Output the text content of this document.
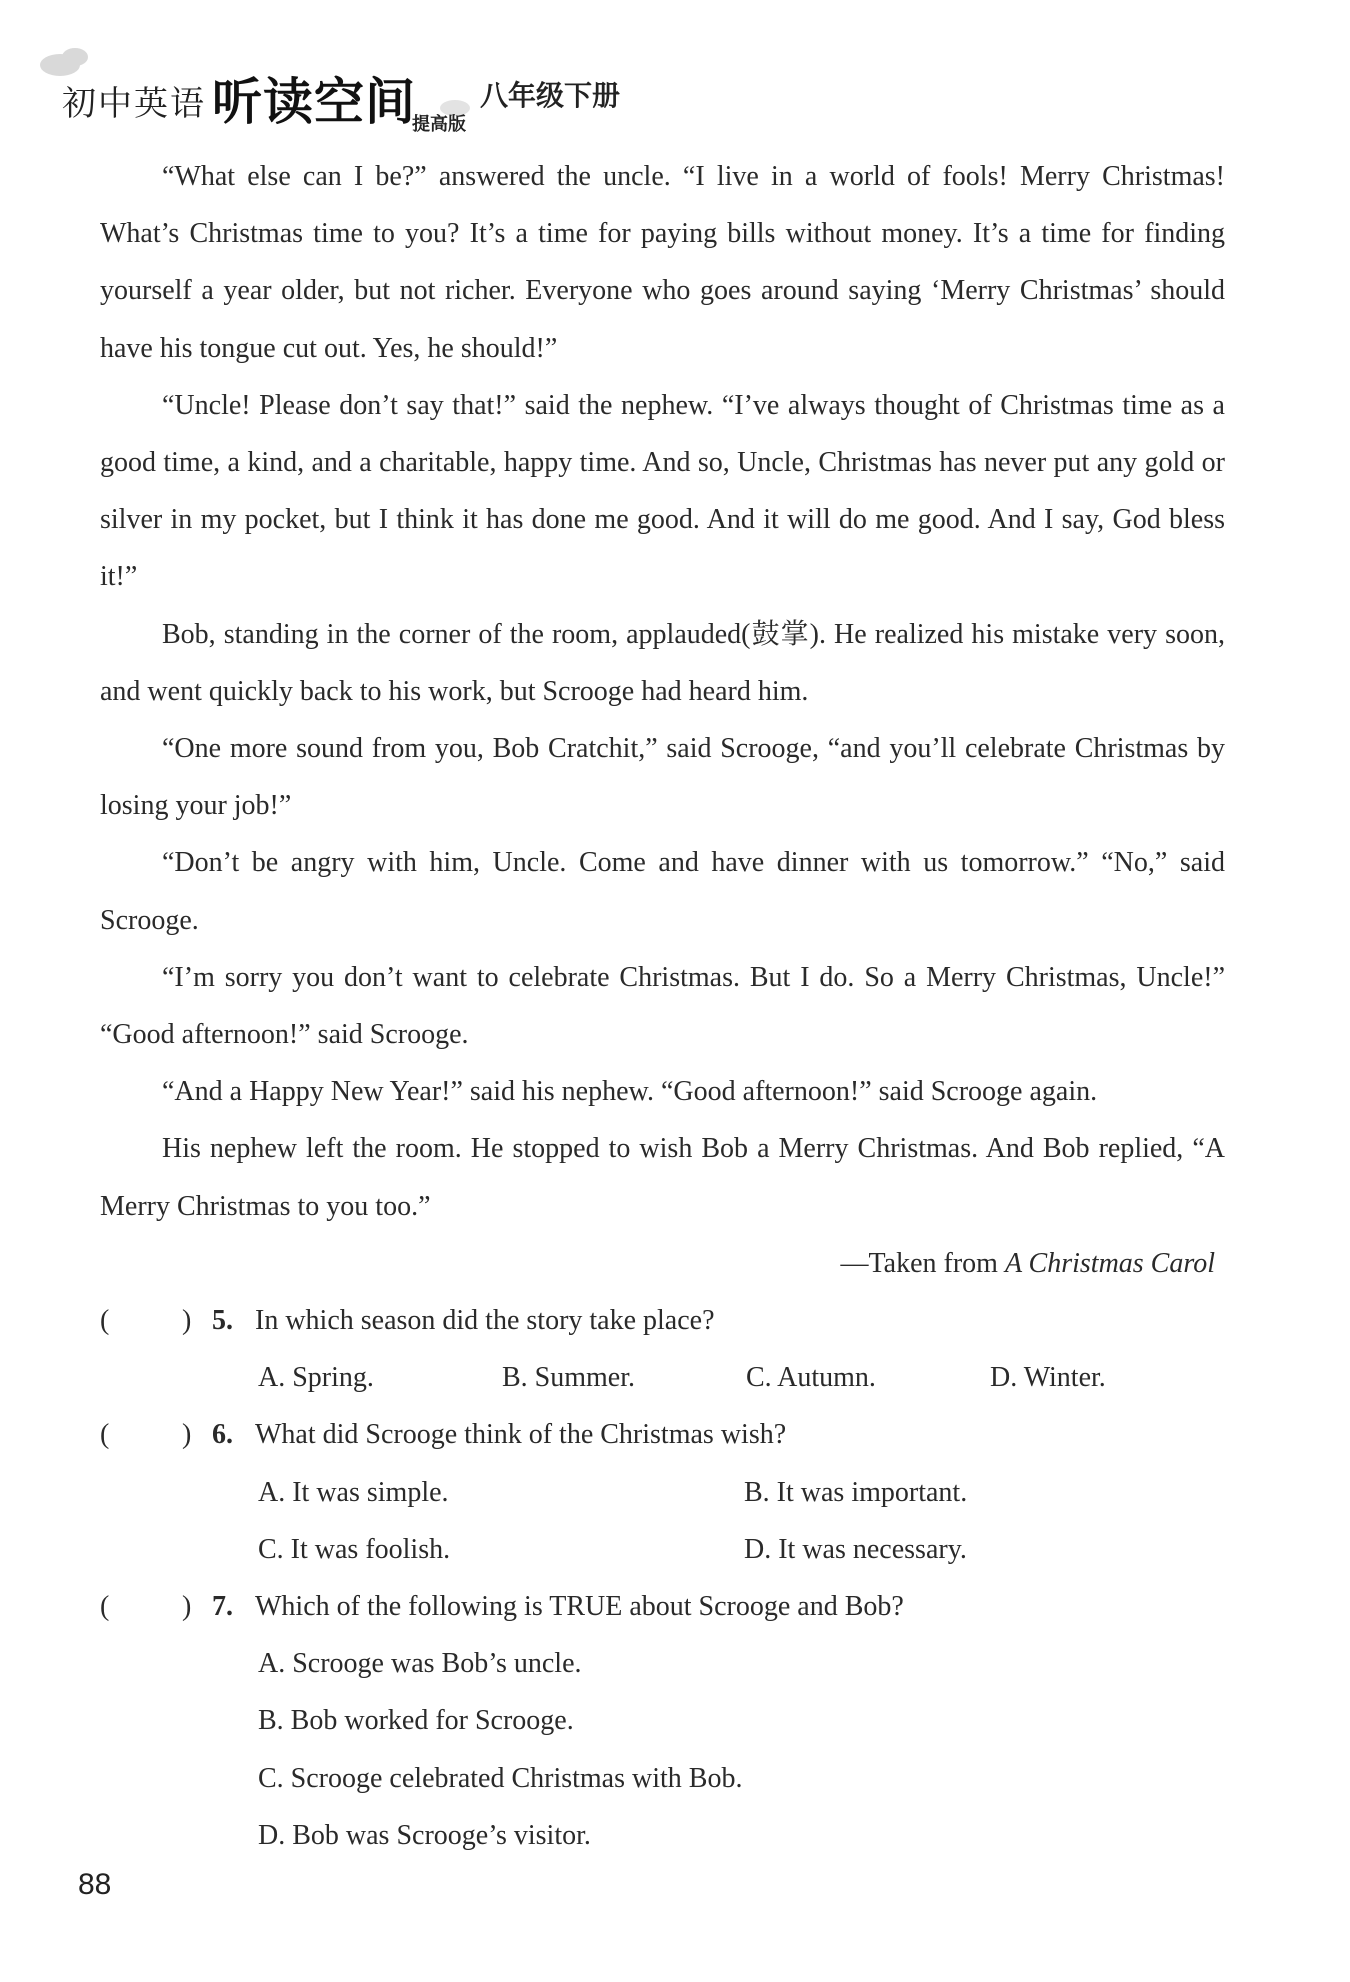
初中英语 听读空间
提高版
八年级下册

“What else can I be?” answered the uncle. “I live in a world of fools! Merry Christmas! What’s Christmas time to you? It’s a time for paying bills without money. It’s a time for finding yourself a year older, but not richer. Everyone who goes around saying ‘Merry Christmas’ should have his tongue cut out. Yes, he should!”

“Uncle! Please don’t say that!” said the nephew. “I’ve always thought of Christmas time as a good time, a kind, and a charitable, happy time. And so, Uncle, Christmas has never put any gold or silver in my pocket, but I think it has done me good. And it will do me good. And I say, God bless it!”

Bob, standing in the corner of the room, applauded(鼓掌). He realized his mistake very soon, and went quickly back to his work, but Scrooge had heard him.

“One more sound from you, Bob Cratchit,” said Scrooge, “and you’ll celebrate Christmas by losing your job!”

“Don’t be angry with him, Uncle. Come and have dinner with us tomorrow.” “No,” said Scrooge.

“I’m sorry you don’t want to celebrate Christmas. But I do. So a Merry Christmas, Uncle!” “Good afternoon!” said Scrooge.

“And a Happy New Year!” said his nephew. “Good afternoon!” said Scrooge again.

His nephew left the room. He stopped to wish Bob a Merry Christmas. And Bob replied, “A Merry Christmas to you too.”

—Taken from A Christmas Carol
(	) 5. In which season did the story take place?
A. Spring.	B. Summer.	C. Autumn.	D. Winter.
(	) 6. What did Scrooge think of the Christmas wish?
A. It was simple.	B. It was important.
C. It was foolish.	D. It was necessary.
(	) 7. Which of the following is TRUE about Scrooge and Bob?
A. Scrooge was Bob’s uncle.
B. Bob worked for Scrooge.
C. Scrooge celebrated Christmas with Bob.
D. Bob was Scrooge’s visitor.
88
